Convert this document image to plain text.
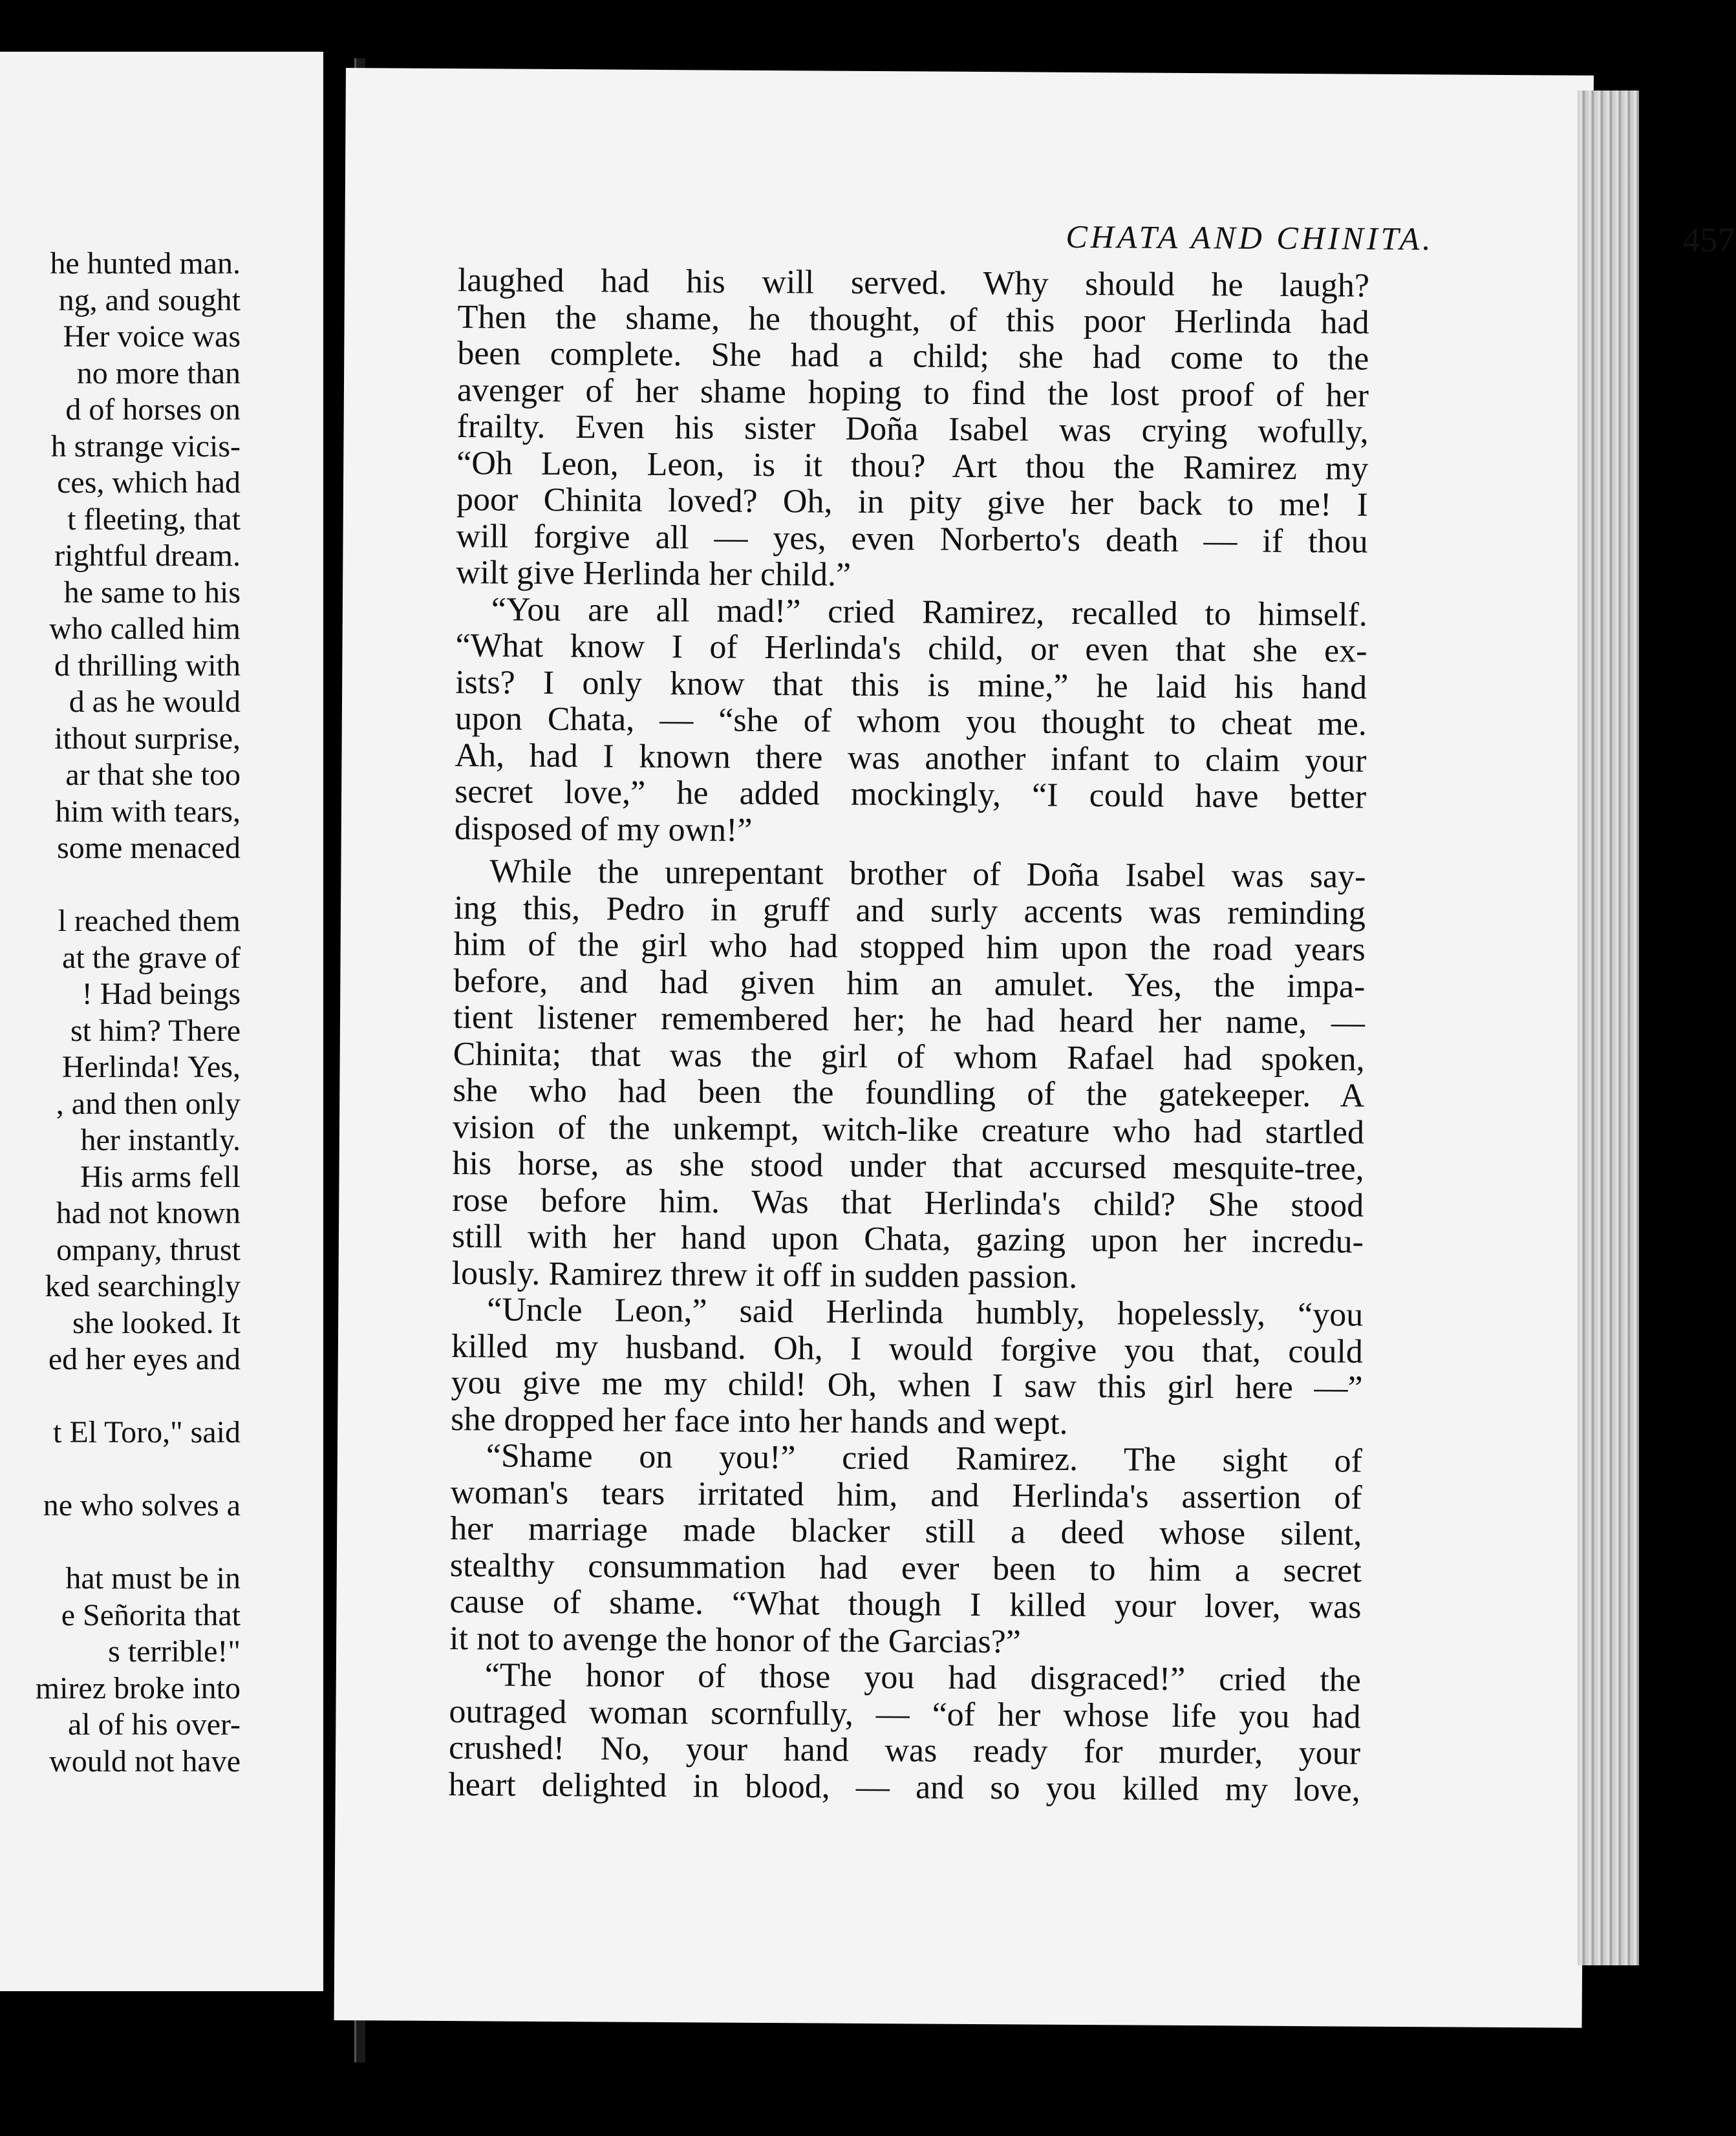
he hunted man.
ng, and sought
Her voice was
no more than
d of horses on
h strange vicis-
ces, which had
t fleeting, that
rightful dream.
he same to his
who called him
d thrilling with
d as he would
ithout surprise,
ar that she too
him with tears,
some menaced
l reached them
at the grave of
! Had beings
st him? There
Herlinda! Yes,
, and then only
her instantly.
His arms fell
had not known
ompany, thrust
ked searchingly
she looked. It
ed her eyes and
t El Toro," said
ne who solves a
hat must be in
e Señorita that
s terrible!"
mirez broke into
al of his over-
would not have
CHATA AND CHINITA.	457
laughed had his will served. Why should he laugh?
Then the shame, he thought, of this poor Herlinda had
been complete. She had a child; she had come to the
avenger of her shame hoping to find the lost proof of her
frailty. Even his sister Doña Isabel was crying wofully,
“Oh Leon, Leon, is it thou? Art thou the Ramirez my
poor Chinita loved? Oh, in pity give her back to me! I
will forgive all — yes, even Norberto's death — if thou
wilt give Herlinda her child.”
“You are all mad!” cried Ramirez, recalled to himself.
“What know I of Herlinda's child, or even that she ex-
ists? I only know that this is mine,” he laid his hand
upon Chata, — “she of whom you thought to cheat me.
Ah, had I known there was another infant to claim your
secret love,” he added mockingly, “I could have better
disposed of my own!”
While the unrepentant brother of Doña Isabel was say-
ing this, Pedro in gruff and surly accents was reminding
him of the girl who had stopped him upon the road years
before, and had given him an amulet. Yes, the impa-
tient listener remembered her; he had heard her name, —
Chinita; that was the girl of whom Rafael had spoken,
she who had been the foundling of the gatekeeper. A
vision of the unkempt, witch-like creature who had startled
his horse, as she stood under that accursed mesquite-tree,
rose before him. Was that Herlinda's child? She stood
still with her hand upon Chata, gazing upon her incredu-
lously. Ramirez threw it off in sudden passion.
“Uncle Leon,” said Herlinda humbly, hopelessly, “you
killed my husband. Oh, I would forgive you that, could
you give me my child! Oh, when I saw this girl here —”
she dropped her face into her hands and wept.
“Shame on you!” cried Ramirez. The sight of
woman's tears irritated him, and Herlinda's assertion of
her marriage made blacker still a deed whose silent,
stealthy consummation had ever been to him a secret
cause of shame. “What though I killed your lover, was
it not to avenge the honor of the Garcias?”
“The honor of those you had disgraced!” cried the
outraged woman scornfully, — “of her whose life you had
crushed! No, your hand was ready for murder, your
heart delighted in blood, — and so you killed my love,
